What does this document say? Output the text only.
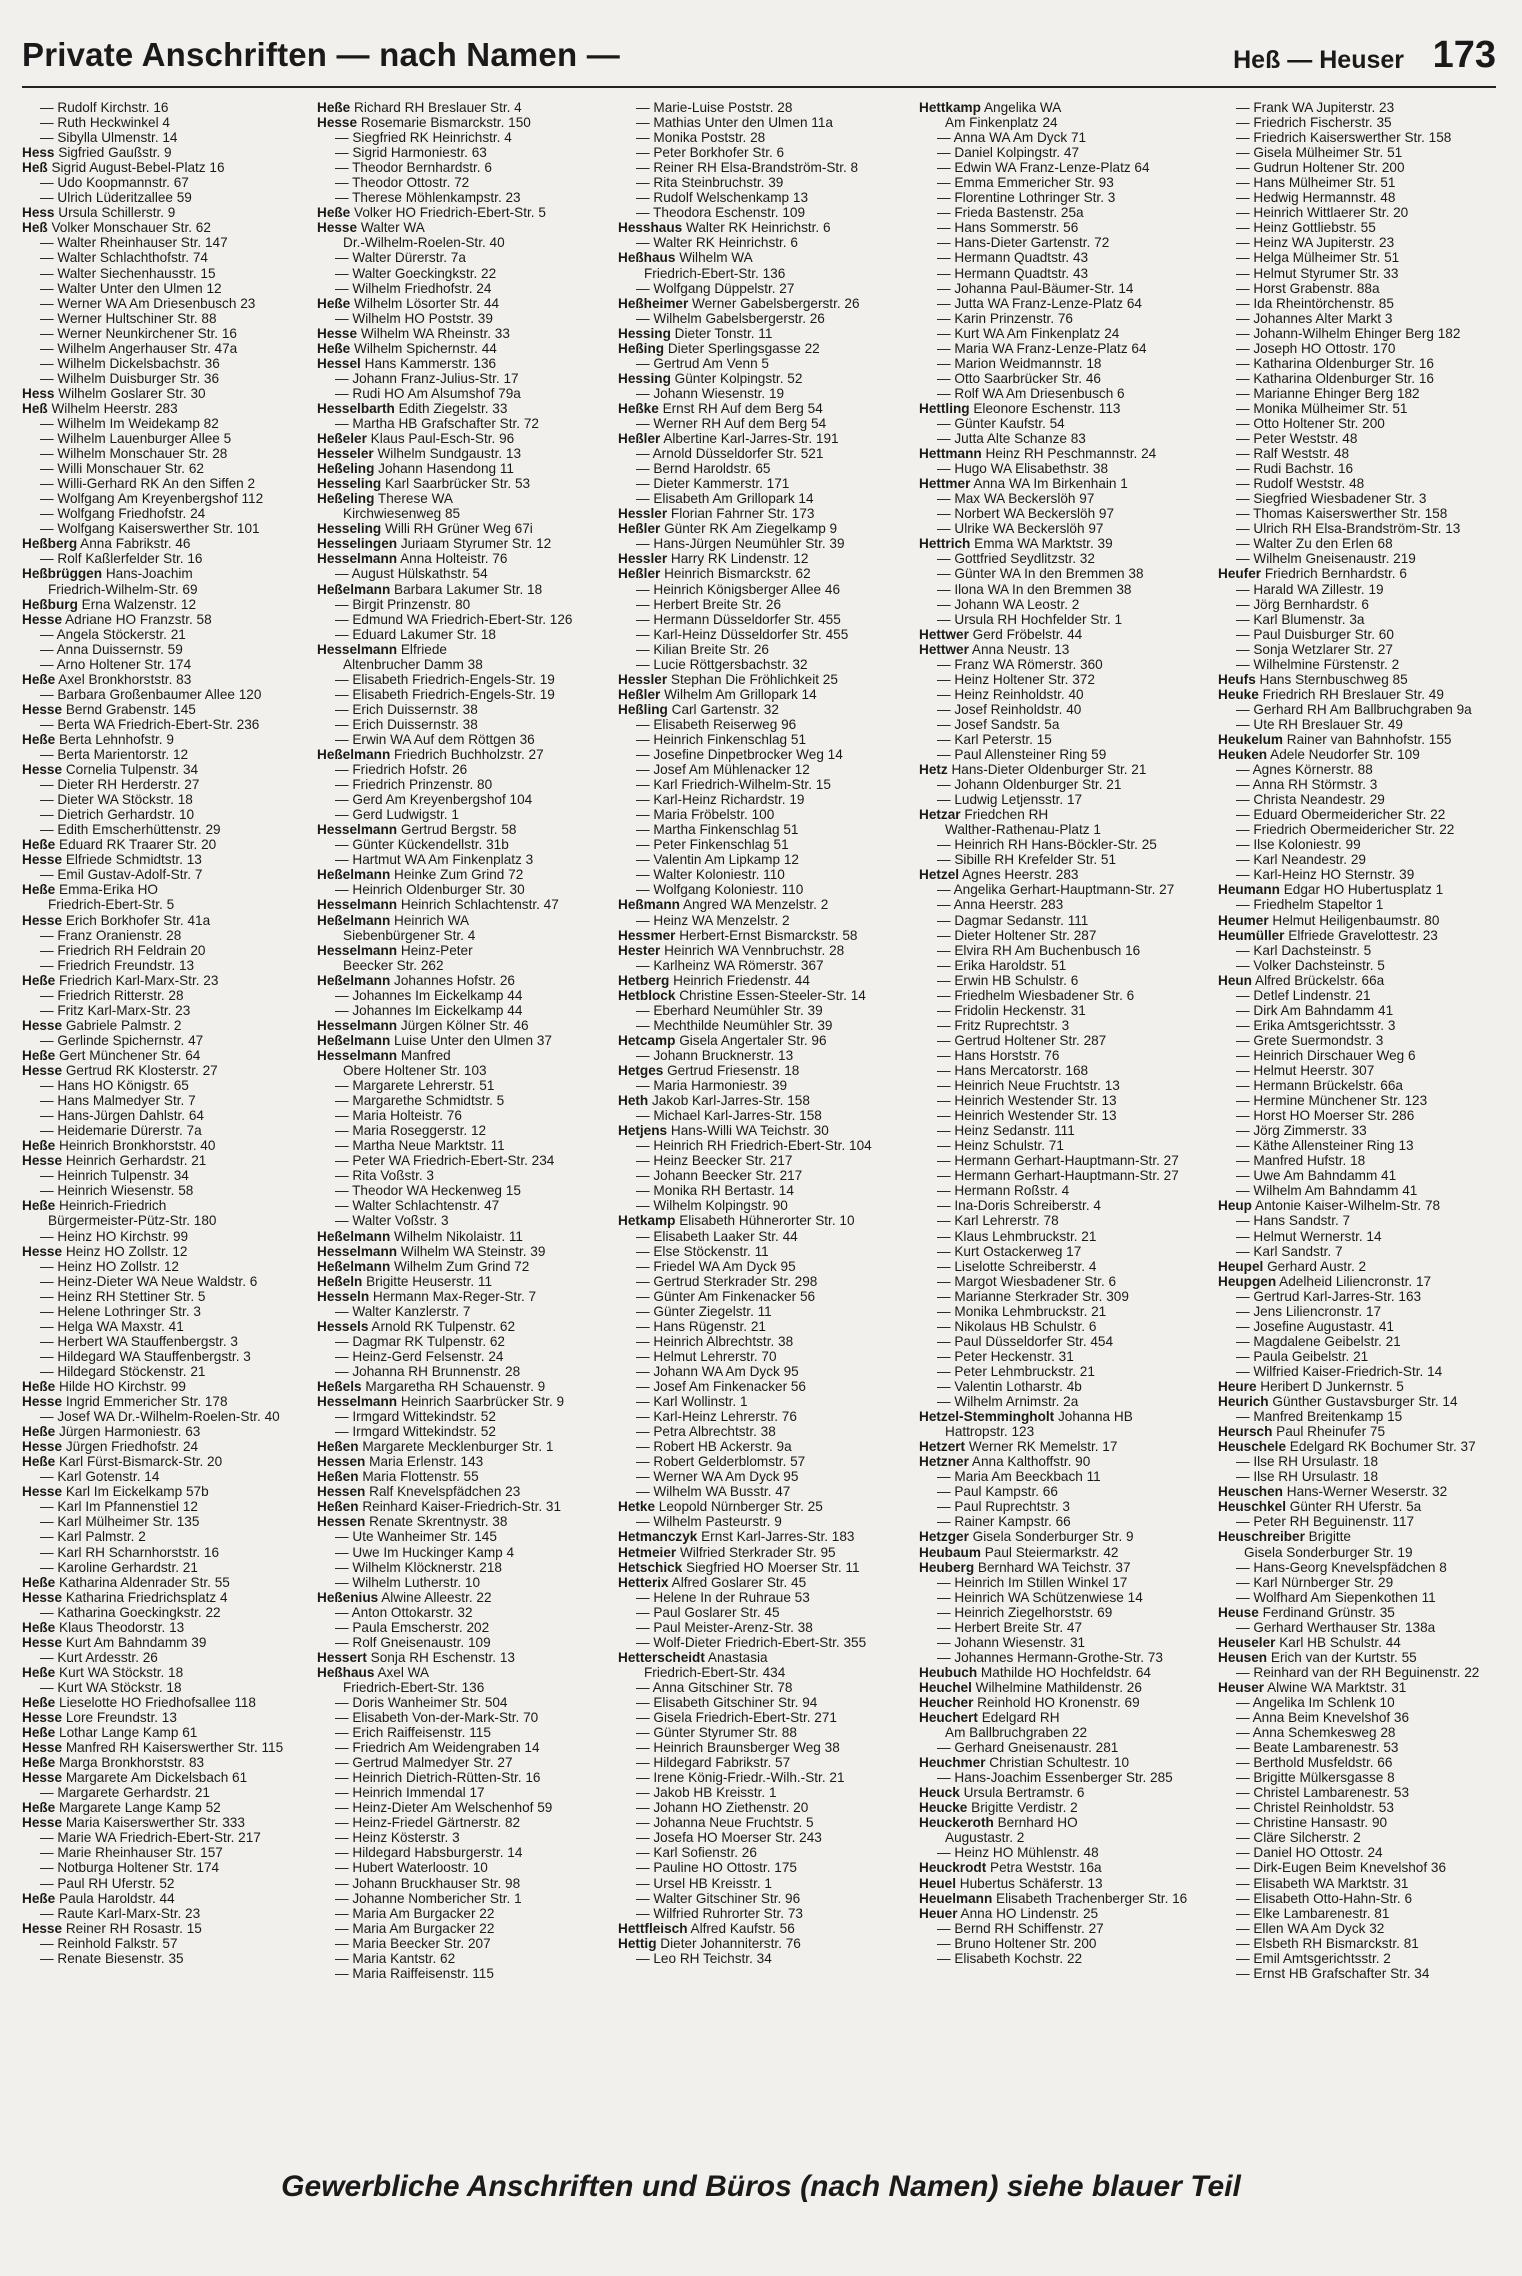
Private Anschriften — nach Namen —	Heß — Heuser 173
— Rudolf Kirchstr. 16
— Ruth Heckwinkel 4
— Sibylla Ulmenstr. 14
Hess Sigfried Gaußstr. 9
Heß Sigrid August-Bebel-Platz 16
— Udo Koopmannstr. 67
— Ulrich Lüderitzallee 59
Hess Ursula Schillerstr. 9
Heß Volker Monschauer Str. 62
— Walter Rheinhauser Str. 147
— Walter Schlachthofstr. 74
— Walter Siechenhausstr. 15
— Walter Unter den Ulmen 12
— Werner WA Am Driesenbusch 23
— Werner Hultschiner Str. 88
— Werner Neunkirchener Str. 16
— Wilhelm Angerhauser Str. 47a
— Wilhelm Dickelsbachstr. 36
— Wilhelm Duisburger Str. 36
Hess Wilhelm Goslarer Str. 30
Heß Wilhelm Heerstr. 283
— Wilhelm Im Weidekamp 82
— Wilhelm Lauenburger Allee 5
— Wilhelm Monschauer Str. 28
— Willi Monschauer Str. 62
— Willi-Gerhard RK An den Siffen 2
— Wolfgang Am Kreyenbergshof 112
— Wolfgang Friedhofstr. 24
— Wolfgang Kaiserswerther Str. 101
Heßberg Anna Fabrikstr. 46
— Rolf Kaßlerfelder Str. 16
Heßbrüggen Hans-Joachim
Friedrich-Wilhelm-Str. 69
Heßburg Erna Walzenstr. 12
Hesse Adriane HO Franzstr. 58
— Angela Stöckerstr. 21
— Anna Duissernstr. 59
— Arno Holtener Str. 174
Heße Axel Bronkhorststr. 83
— Barbara Großenbaumer Allee 120
Hesse Bernd Grabenstr. 145
— Berta WA Friedrich-Ebert-Str. 236
Heße Berta Lehnhofstr. 9
— Berta Marientorstr. 12
Hesse Cornelia Tulpenstr. 34
— Dieter RH Herderstr. 27
— Dieter WA Stöckstr. 18
— Dietrich Gerhardstr. 10
— Edith Emscherhüttenstr. 29
Heße Eduard RK Traarer Str. 20
Hesse Elfriede Schmidtstr. 13
— Emil Gustav-Adolf-Str. 7
Heße Emma-Erika HO
Friedrich-Ebert-Str. 5
Hesse Erich Borkhofer Str. 41a
— Franz Oranienstr. 28
— Friedrich RH Feldrain 20
— Friedrich Freundstr. 13
Heße Friedrich Karl-Marx-Str. 23
— Friedrich Ritterstr. 28
— Fritz Karl-Marx-Str. 23
Hesse Gabriele Palmstr. 2
— Gerlinde Spichernstr. 47
Heße Gert Münchener Str. 64
Hesse Gertrud RK Klosterstr. 27
— Hans HO Königstr. 65
— Hans Malmedyer Str. 7
— Hans-Jürgen Dahlstr. 64
— Heidemarie Dürerstr. 7a
Heße Heinrich Bronkhorststr. 40
Hesse Heinrich Gerhardstr. 21
— Heinrich Tulpenstr. 34
— Heinrich Wiesenstr. 58
Heße Heinrich-Friedrich
Bürgermeister-Pütz-Str. 180
— Heinz HO Kirchstr. 99
Hesse Heinz HO Zollstr. 12
— Heinz HO Zollstr. 12
— Heinz-Dieter WA Neue Waldstr. 6
— Heinz RH Stettiner Str. 5
— Helene Lothringer Str. 3
— Helga WA Maxstr. 41
— Herbert WA Stauffenbergstr. 3
— Hildegard WA Stauffenbergstr. 3
— Hildegard Stöckenstr. 21
Heße Hilde HO Kirchstr. 99
Hesse Ingrid Emmericher Str. 178
— Josef WA Dr.-Wilhelm-Roelen-Str. 40
Heße Jürgen Harmoniestr. 63
Hesse Jürgen Friedhofstr. 24
Heße Karl Fürst-Bismarck-Str. 20
— Karl Gotenstr. 14
Hesse Karl Im Eickelkamp 57b
— Karl Im Pfannenstiel 12
— Karl Mülheimer Str. 135
— Karl Palmstr. 2
— Karl RH Scharnhorststr. 16
— Karoline Gerhardstr. 21
Heße Katharina Aldenrader Str. 55
Hesse Katharina Friedrichsplatz 4
— Katharina Goeckingkstr. 22
Heße Klaus Theodorstr. 13
Hesse Kurt Am Bahndamm 39
— Kurt Ardesstr. 26
Heße Kurt WA Stöckstr. 18
— Kurt WA Stöckstr. 18
Heße Lieselotte HO Friedhofsallee 118
Hesse Lore Freundstr. 13
Heße Lothar Lange Kamp 61
Hesse Manfred RH Kaiserswerther Str. 115
Heße Marga Bronkhorststr. 83
Hesse Margarete Am Dickelsbach 61
— Margarete Gerhardstr. 21
Heße Margarete Lange Kamp 52
Hesse Maria Kaiserswerther Str. 333
— Marie WA Friedrich-Ebert-Str. 217
— Marie Rheinhauser Str. 157
— Notburga Holtener Str. 174
— Paul RH Uferstr. 52
Heße Paula Haroldstr. 44
— Raute Karl-Marx-Str. 23
Hesse Reiner RH Rosastr. 15
— Reinhold Falkstr. 57
— Renate Biesenstr. 35
Heße Richard RH Breslauer Str. 4
Hesse Rosemarie Bismarckstr. 150
— Siegfried RK Heinrichstr. 4
— Sigrid Harmoniestr. 63
— Theodor Bernhardstr. 6
— Theodor Ottostr. 72
— Therese Möhlenkampstr. 23
Heße Volker HO Friedrich-Ebert-Str. 5
Hesse Walter WA
Dr.-Wilhelm-Roelen-Str. 40
— Walter Dürerstr. 7a
— Walter Goeckingkstr. 22
— Wilhelm Friedhofstr. 24
Heße Wilhelm Lösorter Str. 44
— Wilhelm HO Poststr. 39
Hesse Wilhelm WA Rheinstr. 33
Heße Wilhelm Spichernstr. 44
Hessel Hans Kammerstr. 136
— Johann Franz-Julius-Str. 17
— Rudi HO Am Alsumshof 79a
Hesselbarth Edith Ziegelstr. 33
— Martha HB Grafschafter Str. 72
Heßeler Klaus Paul-Esch-Str. 96
Hesseler Wilhelm Sundgaustr. 13
Heßeling Johann Hasendong 11
Hesseling Karl Saarbrücker Str. 53
Heßeling Therese WA
Kirchwiesenweg 85
Hesseling Willi RH Grüner Weg 67i
Hesselingen Juriaam Styrumer Str. 12
Hesselmann Anna Holteistr. 76
— August Hülskathstr. 54
Heßelmann Barbara Lakumer Str. 18
— Birgit Prinzenstr. 80
— Edmund WA Friedrich-Ebert-Str. 126
— Eduard Lakumer Str. 18
Hesselmann Elfriede
Altenbrucher Damm 38
— Elisabeth Friedrich-Engels-Str. 19
— Elisabeth Friedrich-Engels-Str. 19
— Erich Duissernstr. 38
— Erich Duissernstr. 38
— Erwin WA Auf dem Röttgen 36
Heßelmann Friedrich Buchholzstr. 27
— Friedrich Hofstr. 26
— Friedrich Prinzenstr. 80
— Gerd Am Kreyenbergshof 104
— Gerd Ludwigstr. 1
Hesselmann Gertrud Bergstr. 58
— Günter Kückendellstr. 31b
— Hartmut WA Am Finkenplatz 3
Heßelmann Heinke Zum Grind 72
— Heinrich Oldenburger Str. 30
Hesselmann Heinrich Schlachtenstr. 47
Heßelmann Heinrich WA
Siebenbürgener Str. 4
Hesselmann Heinz-Peter
Beecker Str. 262
Heßelmann Johannes Hofstr. 26
— Johannes Im Eickelkamp 44
— Johannes Im Eickelkamp 44
Hesselmann Jürgen Kölner Str. 46
Heßelmann Luise Unter den Ulmen 37
Hesselmann Manfred
Obere Holtener Str. 103
— Margarete Lehrerstr. 51
— Margarethe Schmidtstr. 5
— Maria Holteistr. 76
— Maria Roseggerstr. 12
— Martha Neue Marktstr. 11
— Peter WA Friedrich-Ebert-Str. 234
— Rita Voßstr. 3
— Theodor WA Heckenweg 15
— Walter Schlachtenstr. 47
— Walter Voßstr. 3
Heßelmann Wilhelm Nikolaistr. 11
Hesselmann Wilhelm WA Steinstr. 39
Heßelmann Wilhelm Zum Grind 72
Heßeln Brigitte Heuserstr. 11
Hesseln Hermann Max-Reger-Str. 7
— Walter Kanzlerstr. 7
Hessels Arnold RK Tulpenstr. 62
— Dagmar RK Tulpenstr. 62
— Heinz-Gerd Felsenstr. 24
— Johanna RH Brunnenstr. 28
Heßels Margaretha RH Schauenstr. 9
Hesselmann Heinrich Saarbrücker Str. 9
— Irmgard Wittekindstr. 52
— Irmgard Wittekindstr. 52
Heßen Margarete Mecklenburger Str. 1
Hessen Maria Erlenstr. 143
Heßen Maria Flottenstr. 55
Hessen Ralf Knevelspfädchen 23
Heßen Reinhard Kaiser-Friedrich-Str. 31
Hessen Renate Skrentnystr. 38
— Ute Wanheimer Str. 145
— Uwe Im Huckinger Kamp 4
— Wilhelm Klöcknerstr. 218
— Wilhelm Lutherstr. 10
Heßenius Alwine Alleestr. 22
— Anton Ottokarstr. 32
— Paula Emscherstr. 202
— Rolf Gneisenaustr. 109
Hessert Sonja RH Eschenstr. 13
Heßhaus Axel WA
Friedrich-Ebert-Str. 136
— Doris Wanheimer Str. 504
— Elisabeth Von-der-Mark-Str. 70
— Erich Raiffeisenstr. 115
— Friedrich Am Weidengraben 14
— Gertrud Malmedyer Str. 27
— Heinrich Dietrich-Rütten-Str. 16
— Heinrich Immendal 17
— Heinz-Dieter Am Welschenhof 59
— Heinz-Friedel Gärtnerstr. 82
— Heinz Kösterstr. 3
— Hildegard Habsburgerstr. 14
— Hubert Waterloostr. 10
— Johann Bruckhauser Str. 98
— Johanne Nombericher Str. 1
— Maria Am Burgacker 22
— Maria Am Burgacker 22
— Maria Beecker Str. 207
— Maria Kantstr. 62
— Maria Raiffeisenstr. 115
— Marie-Luise Poststr. 28
— Mathias Unter den Ulmen 11a
— Monika Poststr. 28
— Peter Borkhofer Str. 6
— Reiner RH Elsa-Brandström-Str. 8
— Rita Steinbruchstr. 39
— Rudolf Welschenkamp 13
— Theodora Eschenstr. 109
Hesshaus Walter RK Heinrichstr. 6
— Walter RK Heinrichstr. 6
Heßhaus Wilhelm WA
Friedrich-Ebert-Str. 136
— Wolfgang Düppelstr. 27
Heßheimer Werner Gabelsbergerstr. 26
— Wilhelm Gabelsbergerstr. 26
Hessing Dieter Tonstr. 11
Heßing Dieter Sperlingsgasse 22
— Gertrud Am Venn 5
Hessing Günter Kolpingstr. 52
— Johann Wiesenstr. 19
Heßke Ernst RH Auf dem Berg 54
— Werner RH Auf dem Berg 54
Heßler Albertine Karl-Jarres-Str. 191
— Arnold Düsseldorfer Str. 521
— Bernd Haroldstr. 65
— Dieter Kammerstr. 171
— Elisabeth Am Grillopark 14
Hessler Florian Fahrner Str. 173
Heßler Günter RK Am Ziegelkamp 9
— Hans-Jürgen Neumühler Str. 39
Hessler Harry RK Lindenstr. 12
Heßler Heinrich Bismarckstr. 62
— Heinrich Königsberger Allee 46
— Herbert Breite Str. 26
— Hermann Düsseldorfer Str. 455
— Karl-Heinz Düsseldorfer Str. 455
— Kilian Breite Str. 26
— Lucie Röttgersbachstr. 32
Hessler Stephan Die Fröhlichkeit 25
Heßler Wilhelm Am Grillopark 14
Heßling Carl Gartenstr. 32
— Elisabeth Reiserweg 96
— Heinrich Finkenschlag 51
— Josefine Dinpetbrocker Weg 14
— Josef Am Mühlenacker 12
— Karl Friedrich-Wilhelm-Str. 15
— Karl-Heinz Richardstr. 19
— Maria Fröbelstr. 100
— Martha Finkenschlag 51
— Peter Finkenschlag 51
— Valentin Am Lipkamp 12
— Walter Koloniestr. 110
— Wolfgang Koloniestr. 110
Heßmann Angred WA Menzelstr. 2
— Heinz WA Menzelstr. 2
Hessmer Herbert-Ernst Bismarckstr. 58
Hester Heinrich WA Vennbruchstr. 28
— Karlheinz WA Römerstr. 367
Hetberg Heinrich Friedenstr. 44
Hetblock Christine Essen-Steeler-Str. 14
— Eberhard Neumühler Str. 39
— Mechthilde Neumühler Str. 39
Hetcamp Gisela Angertaler Str. 96
— Johann Brucknerstr. 13
Hetges Gertrud Friesenstr. 18
— Maria Harmoniestr. 39
Heth Jakob Karl-Jarres-Str. 158
— Michael Karl-Jarres-Str. 158
Hetjens Hans-Willi WA Teichstr. 30
— Heinrich RH Friedrich-Ebert-Str. 104
— Heinz Beecker Str. 217
— Johann Beecker Str. 217
— Monika RH Bertastr. 14
— Wilhelm Kolpingstr. 90
Hetkamp Elisabeth Hühnerorter Str. 10
— Elisabeth Laaker Str. 44
— Else Stöckenstr. 11
— Friedel WA Am Dyck 95
— Gertrud Sterkrader Str. 298
— Günter Am Finkenacker 56
— Günter Ziegelstr. 11
— Hans Rügenstr. 21
— Heinrich Albrechtstr. 38
— Helmut Lehrerstr. 70
— Johann WA Am Dyck 95
— Josef Am Finkenacker 56
— Karl Wollinstr. 1
— Karl-Heinz Lehrerstr. 76
— Petra Albrechtstr. 38
— Robert HB Ackerstr. 9a
— Robert Gelderblomstr. 57
— Werner WA Am Dyck 95
— Wilhelm WA Busstr. 47
Hetke Leopold Nürnberger Str. 25
— Wilhelm Pasteurstr. 9
Hetmanczyk Ernst Karl-Jarres-Str. 183
Hetmeier Wilfried Sterkrader Str. 95
Hetschick Siegfried HO Moerser Str. 11
Hetterix Alfred Goslarer Str. 45
— Helene In der Ruhraue 53
— Paul Goslarer Str. 45
— Paul Meister-Arenz-Str. 38
— Wolf-Dieter Friedrich-Ebert-Str. 355
Hetterscheidt Anastasia
Friedrich-Ebert-Str. 434
— Anna Gitschiner Str. 78
— Elisabeth Gitschiner Str. 94
— Gisela Friedrich-Ebert-Str. 271
— Günter Styrumer Str. 88
— Heinrich Braunsberger Weg 38
— Hildegard Fabrikstr. 57
— Irene König-Friedr.-Wilh.-Str. 21
— Jakob HB Kreisstr. 1
— Johann HO Ziethenstr. 20
— Johanna Neue Fruchtstr. 5
— Josefa HO Moerser Str. 243
— Karl Sofienstr. 26
— Pauline HO Ottostr. 175
— Ursel HB Kreisstr. 1
— Walter Gitschiner Str. 96
— Wilfried Ruhrorter Str. 73
Hettfleisch Alfred Kaufstr. 56
Hettig Dieter Johanniterstr. 76
— Leo RH Teichstr. 34
Hettkamp Angelika WA
Am Finkenplatz 24
— Anna WA Am Dyck 71
— Daniel Kolpingstr. 47
— Edwin WA Franz-Lenze-Platz 64
— Emma Emmericher Str. 93
— Florentine Lothringer Str. 3
— Frieda Bastenstr. 25a
— Hans Sommerstr. 56
— Hans-Dieter Gartenstr. 72
— Hermann Quadtstr. 43
— Hermann Quadtstr. 43
— Johanna Paul-Bäumer-Str. 14
— Jutta WA Franz-Lenze-Platz 64
— Karin Prinzenstr. 76
— Kurt WA Am Finkenplatz 24
— Maria WA Franz-Lenze-Platz 64
— Marion Weidmannstr. 18
— Otto Saarbrücker Str. 46
— Rolf WA Am Driesenbusch 6
Hettling Eleonore Eschenstr. 113
— Günter Kaufstr. 54
— Jutta Alte Schanze 83
Hettmann Heinz RH Peschmannstr. 24
— Hugo WA Elisabethstr. 38
Hettmer Anna WA Im Birkenhain 1
— Max WA Beckerslöh 97
— Norbert WA Beckerslöh 97
— Ulrike WA Beckerslöh 97
Hettrich Emma WA Marktstr. 39
— Gottfried Seydlitzstr. 32
— Günter WA In den Bremmen 38
— Ilona WA In den Bremmen 38
— Johann WA Leostr. 2
— Ursula RH Hochfelder Str. 1
Hettwer Gerd Fröbelstr. 44
Hettwer Anna Neustr. 13
— Franz WA Römerstr. 360
— Heinz Holtener Str. 372
— Heinz Reinholdstr. 40
— Josef Reinholdstr. 40
— Josef Sandstr. 5a
— Karl Peterstr. 15
— Paul Allensteiner Ring 59
Hetz Hans-Dieter Oldenburger Str. 21
— Johann Oldenburger Str. 21
— Ludwig Letjensstr. 17
Hetzar Friedchen RH
Walther-Rathenau-Platz 1
— Heinrich RH Hans-Böckler-Str. 25
— Sibille RH Krefelder Str. 51
Hetzel Agnes Heerstr. 283
— Angelika Gerhart-Hauptmann-Str. 27
— Anna Heerstr. 283
— Dagmar Sedanstr. 111
— Dieter Holtener Str. 287
— Elvira RH Am Buchenbusch 16
— Erika Haroldstr. 51
— Erwin HB Schulstr. 6
— Friedhelm Wiesbadener Str. 6
— Fridolin Heckenstr. 31
— Fritz Ruprechtstr. 3
— Gertrud Holtener Str. 287
— Hans Horststr. 76
— Hans Mercatorstr. 168
— Heinrich Neue Fruchtstr. 13
— Heinrich Westender Str. 13
— Heinrich Westender Str. 13
— Heinz Sedanstr. 111
— Heinz Schulstr. 71
— Hermann Gerhart-Hauptmann-Str. 27
— Hermann Gerhart-Hauptmann-Str. 27
— Hermann Roßstr. 4
— Ina-Doris Schreiberstr. 4
— Karl Lehrerstr. 78
— Klaus Lehmbruckstr. 21
— Kurt Ostackerweg 17
— Liselotte Schreiberstr. 4
— Margot Wiesbadener Str. 6
— Marianne Sterkrader Str. 309
— Monika Lehmbruckstr. 21
— Nikolaus HB Schulstr. 6
— Paul Düsseldorfer Str. 454
— Peter Heckenstr. 31
— Peter Lehmbruckstr. 21
— Valentin Lotharstr. 4b
— Wilhelm Arnimstr. 2a
Hetzel-Stemmingholt Johanna HB
Hattropstr. 123
Hetzert Werner RK Memelstr. 17
Hetzner Anna Kalthoffstr. 90
— Maria Am Beeckbach 11
— Paul Kampstr. 66
— Paul Ruprechtstr. 3
— Rainer Kampstr. 66
Hetzger Gisela Sonderburger Str. 9
Heubaum Paul Steiermarkstr. 42
Heuberg Bernhard WA Teichstr. 37
— Heinrich Im Stillen Winkel 17
— Heinrich WA Schützenwiese 14
— Heinrich Ziegelhorststr. 69
— Herbert Breite Str. 47
— Johann Wiesenstr. 31
— Johannes Hermann-Grothe-Str. 73
Heubuch Mathilde HO Hochfeldstr. 64
Heuchel Wilhelmine Mathildenstr. 26
Heucher Reinhold HO Kronenstr. 69
Heuchert Edelgard RH
Am Ballbruchgraben 22
— Gerhard Gneisenaustr. 281
Heuchmer Christian Schultestr. 10
— Hans-Joachim Essenberger Str. 285
Heuck Ursula Bertramstr. 6
Heucke Brigitte Verdistr. 2
Heuckeroth Bernhard HO
Augustastr. 2
— Heinz HO Mühlenstr. 48
Heuckrodt Petra Weststr. 16a
Heuel Hubertus Schäferstr. 13
Heuelmann Elisabeth Trachenberger Str. 16
Heuer Anna HO Lindenstr. 25
— Bernd RH Schiffenstr. 27
— Bruno Holtener Str. 200
— Elisabeth Kochstr. 22
— Frank WA Jupiterstr. 23
— Friedrich Fischerstr. 35
— Friedrich Kaiserswerther Str. 158
— Gisela Mülheimer Str. 51
— Gudrun Holtener Str. 200
— Hans Mülheimer Str. 51
— Hedwig Hermannstr. 48
— Heinrich Wittlaerer Str. 20
— Heinz Gottliebstr. 55
— Heinz WA Jupiterstr. 23
— Helga Mülheimer Str. 51
— Helmut Styrumer Str. 33
— Horst Grabenstr. 88a
— Ida Rheintörchenstr. 85
— Johannes Alter Markt 3
— Johann-Wilhelm Ehinger Berg 182
— Joseph HO Ottostr. 170
— Katharina Oldenburger Str. 16
— Katharina Oldenburger Str. 16
— Marianne Ehinger Berg 182
— Monika Mülheimer Str. 51
— Otto Holtener Str. 200
— Peter Weststr. 48
— Ralf Weststr. 48
— Rudi Bachstr. 16
— Rudolf Weststr. 48
— Siegfried Wiesbadener Str. 3
— Thomas Kaiserswerther Str. 158
— Ulrich RH Elsa-Brandström-Str. 13
— Walter Zu den Erlen 68
— Wilhelm Gneisenaustr. 219
Heufer Friedrich Bernhardstr. 6
— Harald WA Zillestr. 19
— Jörg Bernhardstr. 6
— Karl Blumenstr. 3a
— Paul Duisburger Str. 60
— Sonja Wetzlarer Str. 27
— Wilhelmine Fürstenstr. 2
Heufs Hans Sternbuschweg 85
Heuke Friedrich RH Breslauer Str. 49
— Gerhard RH Am Ballbruchgraben 9a
— Ute RH Breslauer Str. 49
Heukelum Rainer van Bahnhofstr. 155
Heuken Adele Neudorfer Str. 109
— Agnes Körnerstr. 88
— Anna RH Störmstr. 3
— Christa Neandestr. 29
— Eduard Obermeiderich​er Str. 22
— Friedrich Obermeidericher Str. 22
— Ilse Koloniestr. 99
— Karl Neandestr. 29
— Karl-Heinz HO Sternstr. 39
Heumann Edgar HO Hubertusplatz 1
— Friedhelm Stapeltor 1
Heumer Helmut Heiligenbaumstr. 80
Heumüller Elfriede Gravelottestr. 23
— Karl Dachsteinstr. 5
— Volker Dachsteinstr. 5
Heun Alfred Brückelstr. 66a
— Detlef Lindenstr. 21
— Dirk Am Bahndamm 41
— Erika Amtsgerichtsstr. 3
— Grete Suermondstr. 3
— Heinrich Dirschauer Weg 6
— Helmut Heerstr. 307
— Hermann Brückelstr. 66a
— Hermine Münchener Str. 123
— Horst HO Moerser Str. 286
— Jörg Zimmerstr. 33
— Käthe Allensteiner Ring 13
— Manfred Hufstr. 18
— Uwe Am Bahndamm 41
— Wilhelm Am Bahndamm 41
Heup Antonie Kaiser-Wilhelm-Str. 78
— Hans Sandstr. 7
— Helmut Wernerstr. 14
— Karl Sandstr. 7
Heupel Gerhard Austr. 2
Heupgen Adelheid Liliencronstr. 17
— Gertrud Karl-Jarres-Str. 163
— Jens Liliencronstr. 17
— Josefine Augustastr. 41
— Magdalene Geibelstr. 21
— Paula Geibelstr. 21
— Wilfried Kaiser-Friedrich-Str. 14
Heure Heribert D Junkernstr. 5
Heurich Günther Gustavsburger Str. 14
— Manfred Breitenkamp 15
Heursch Paul Rheinufer 75
Heuschele Edelgard RK Bochumer Str. 37
— Ilse RH Ursulastr. 18
— Ilse RH Ursulastr. 18
Heuschen Hans-Werner Weserstr. 32
Heuschkel Günter RH Uferstr. 5a
— Peter RH Beguinenstr. 117
Heuschreiber Brigitte
Gisela Sonderburger Str. 19
— Hans-Georg Knevelspfädchen 8
— Karl Nürnberger Str. 29
— Wolfhard Am Siepenkothen 11
Heuse Ferdinand Grünstr. 35
— Gerhard Werthauser Str. 138a
Heuseler Karl HB Schulstr. 44
Heusen Erich van der Kurtstr. 55
— Reinhard van der RH Beguinenstr. 22
Heuser Alwine WA Marktstr. 31
— Angelika Im Schlenk 10
— Anna Beim Knevelshof 36
— Anna Schemkesweg 28
— Beate Lambarenestr. 53
— Berthold Musfeldstr. 66
— Brigitte Mülkersgasse 8
— Christel Lambarenestr. 53
— Christel Reinholdstr. 53
— Christine Hansastr. 90
— Cläre Silcherstr. 2
— Daniel HO Ottostr. 24
— Dirk-Eugen Beim Knevelshof 36
— Elisabeth WA Marktstr. 31
— Elisabeth Otto-Hahn-Str. 6
— Elke Lambarenestr. 81
— Ellen WA Am Dyck 32
— Elsbeth RH Bismarckstr. 81
— Emil Amtsgerichtsstr. 2
— Ernst HB Grafschafter Str. 34
Gewerbliche Anschriften und Büros (nach Namen) siehe blauer Teil
